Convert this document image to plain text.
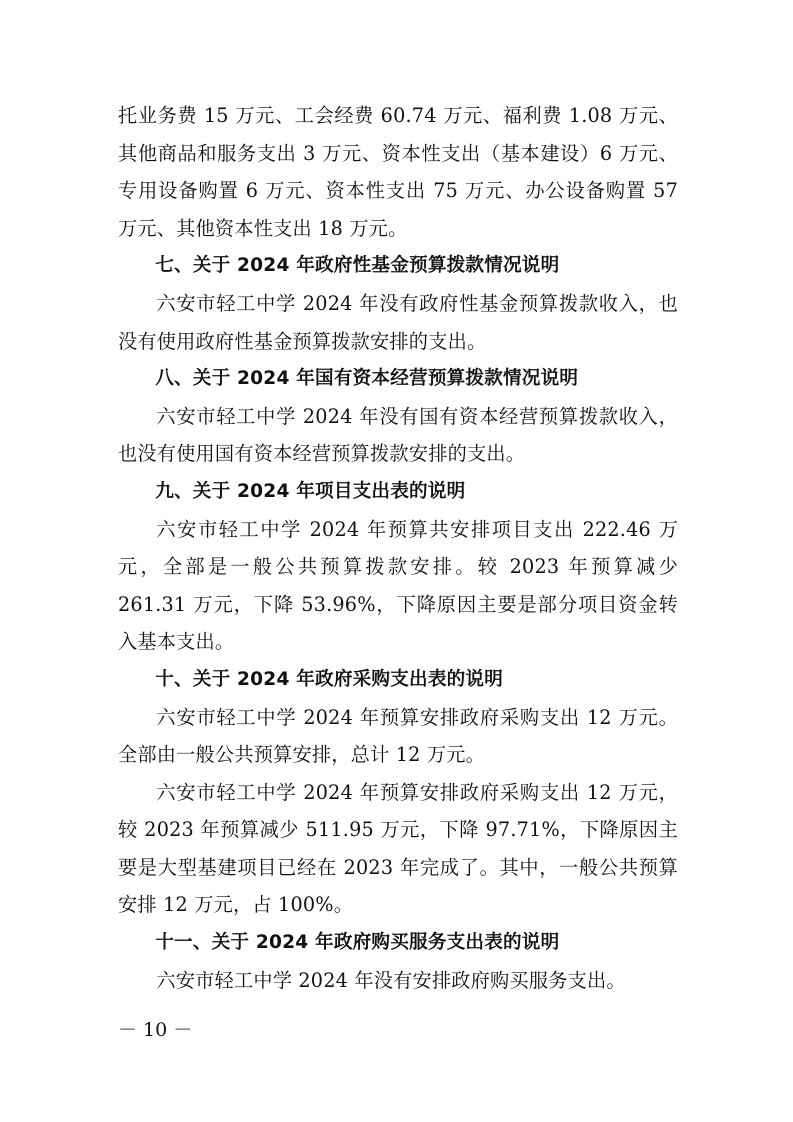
托业务费 15 万元、工会经费 60.74 万元、福利费 1.08 万元、其他商品和服务支出 3 万元、资本性支出（基本建设）6 万元、专用设备购置 6 万元、资本性支出 75 万元、办公设备购置 57 万元、其他资本性支出 18 万元。

七、关于 2024 年政府性基金预算拨款情况说明

六安市轻工中学 2024 年没有政府性基金预算拨款收入，也没有使用政府性基金预算拨款安排的支出。

八、关于 2024 年国有资本经营预算拨款情况说明

六安市轻工中学 2024 年没有国有资本经营预算拨款收入，也没有使用国有资本经营预算拨款安排的支出。

九、关于 2024 年项目支出表的说明

六安市轻工中学 2024 年预算共安排项目支出 222.46 万元，全部是一般公共预算拨款安排。较 2023 年预算减少 261.31 万元，下降 53.96%，下降原因主要是部分项目资金转入基本支出。

十、关于 2024 年政府采购支出表的说明

六安市轻工中学 2024 年预算安排政府采购支出 12 万元。全部由一般公共预算安排，总计 12 万元。

六安市轻工中学 2024 年预算安排政府采购支出 12 万元，较 2023 年预算减少 511.95 万元，下降 97.71%，下降原因主要是大型基建项目已经在 2023 年完成了。其中，一般公共预算安排 12 万元，占 100%。

十一、关于 2024 年政府购买服务支出表的说明

六安市轻工中学 2024 年没有安排政府购买服务支出。

－ 10 －
